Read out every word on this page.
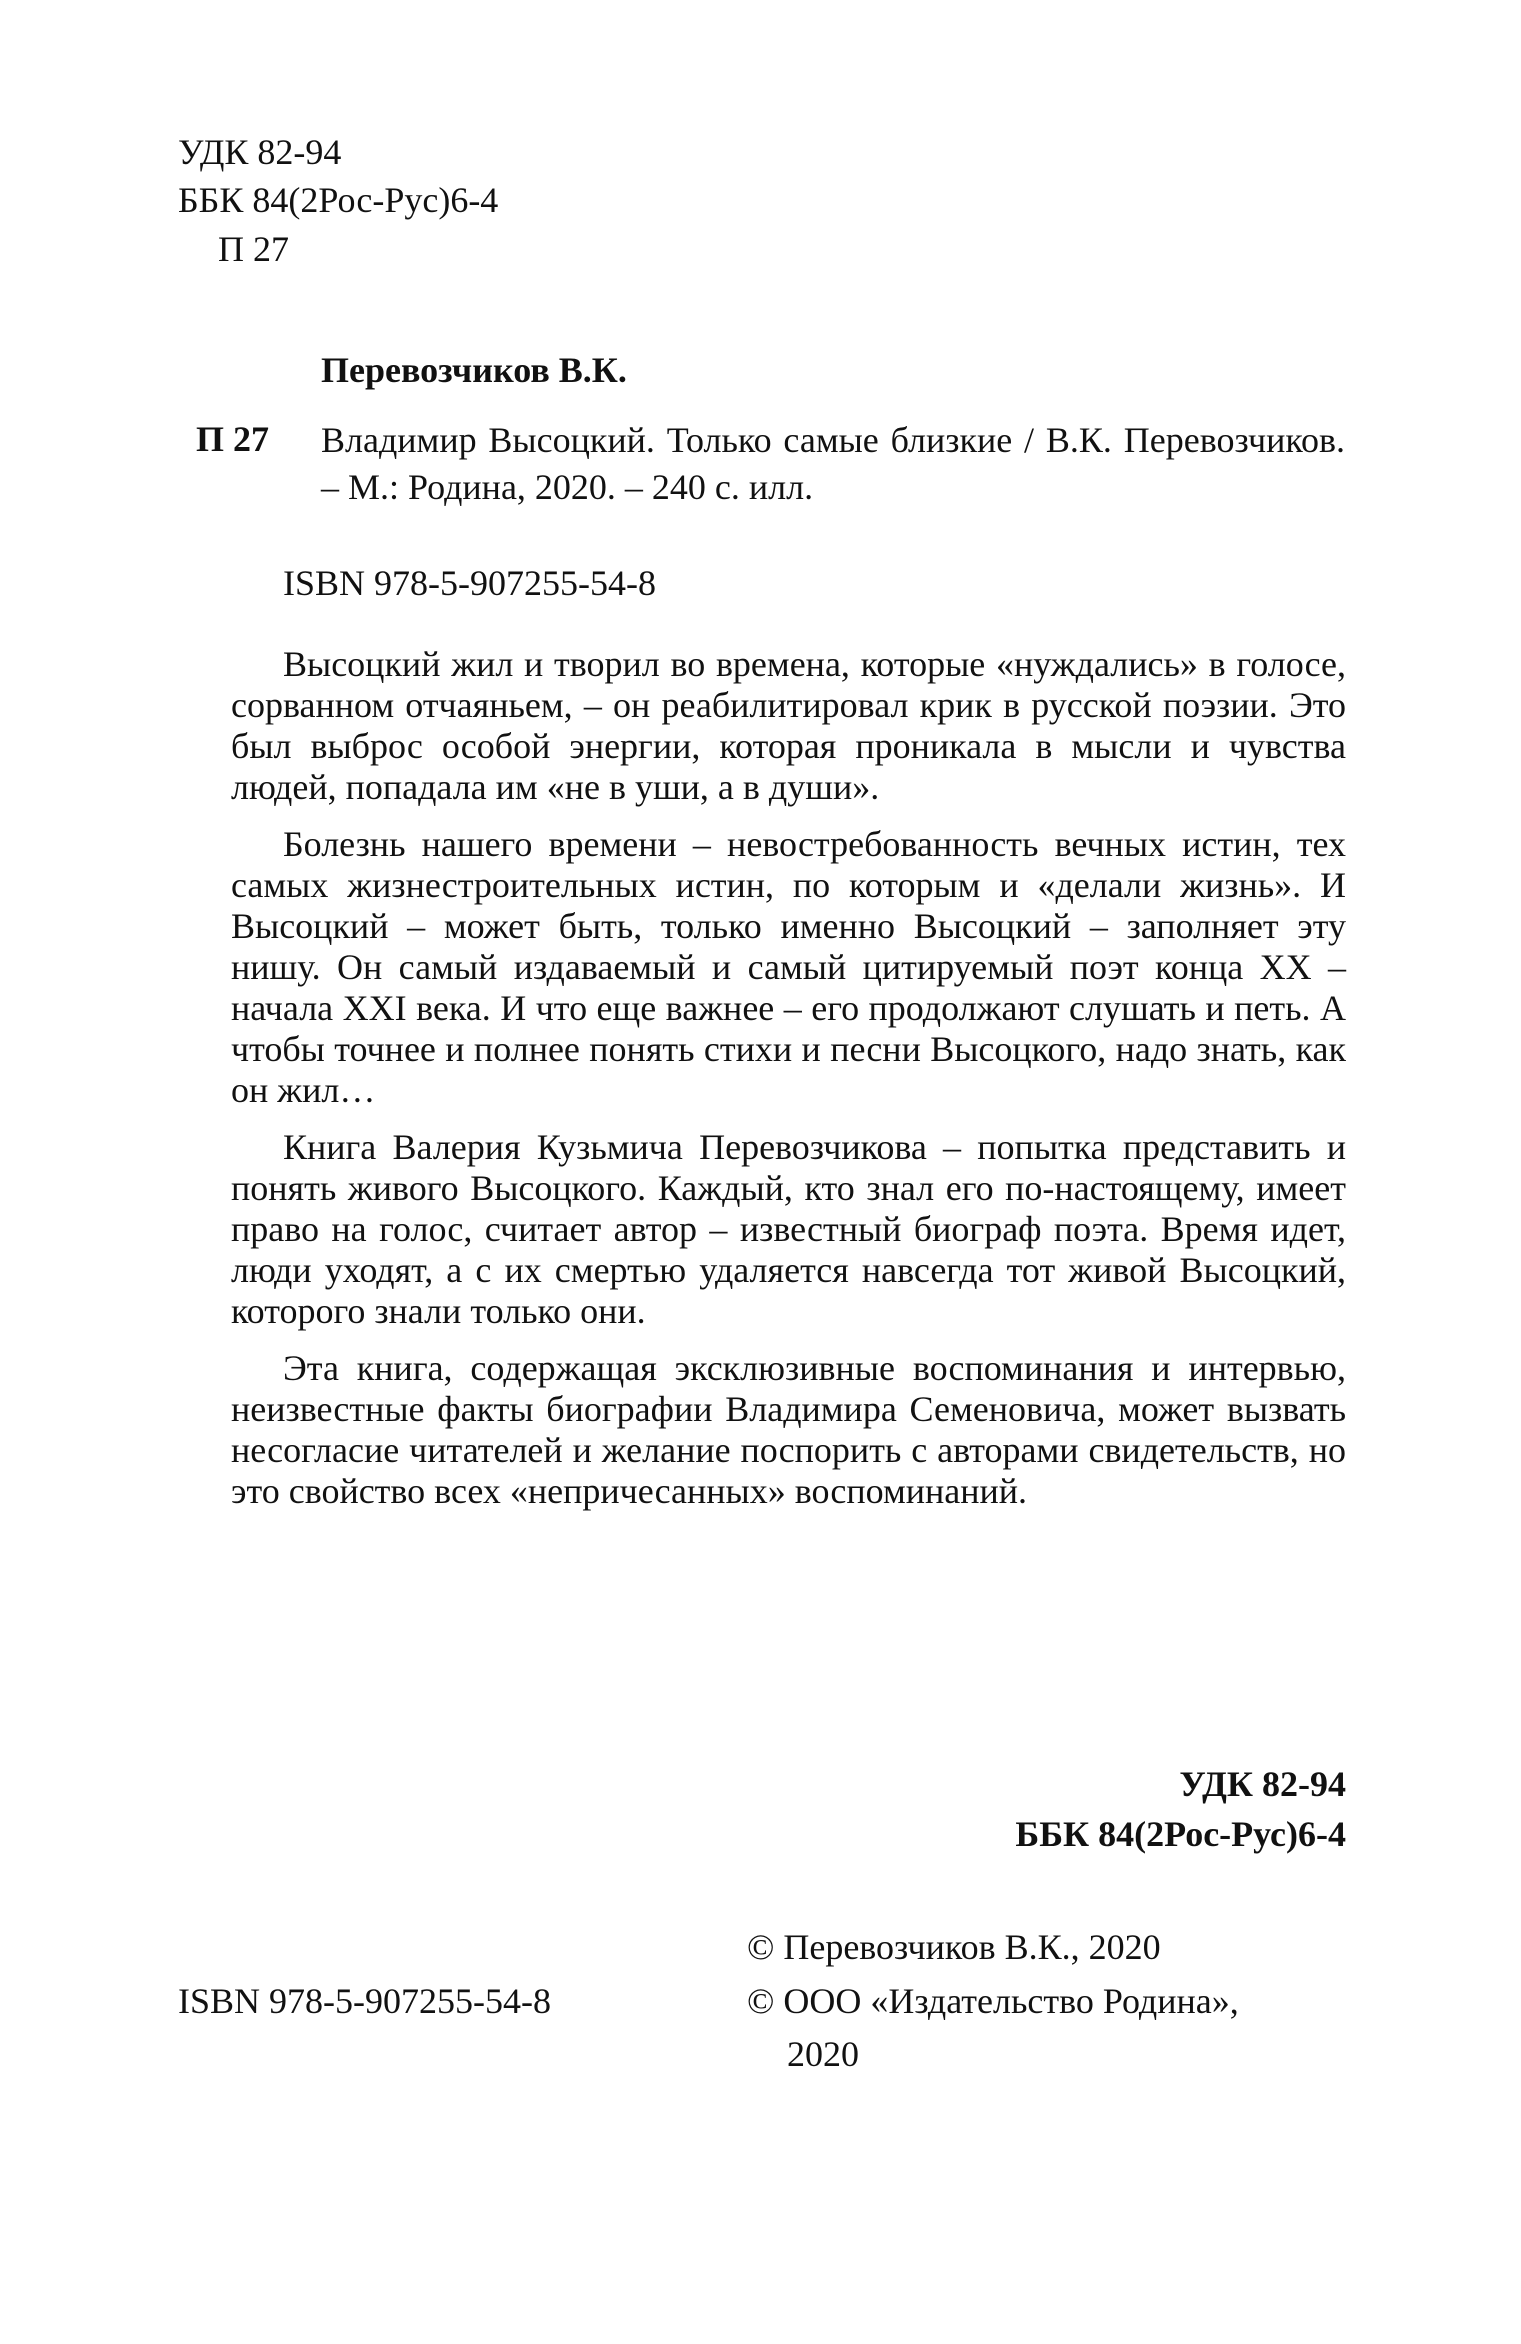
УДК 82-94
ББК 84(2Рос-Рус)6-4
П 27
Перевозчиков В.К.
П 27 Владимир Высоцкий. Только самые близкие / В.К. Перевозчиков. – М.: Родина, 2020. – 240 с. илл.
ISBN 978-5-907255-54-8

Высоцкий жил и творил во времена, которые «нуждались» в голосе, сорванном отчаяньем, – он реабилитировал крик в русской поэзии. Это был выброс особой энергии, которая проникала в мысли и чувства людей, попадала им «не в уши, а в души».

Болезнь нашего времени – невостребованность вечных истин, тех самых жизнестроительных истин, по которым и «делали жизнь». И Высоцкий – может быть, только именно Высоцкий – заполняет эту нишу. Он самый издаваемый и самый цитируемый поэт конца XX – начала XXI века. И что еще важнее – его продолжают слушать и петь. А чтобы точнее и полнее понять стихи и песни Высоцкого, надо знать, как он жил…

Книга Валерия Кузьмича Перевозчикова – попытка представить и понять живого Высоцкого. Каждый, кто знал его по-настоящему, имеет право на голос, считает автор – известный биограф поэта. Время идет, люди уходят, а с их смертью удаляется навсегда тот живой Высоцкий, которого знали только они.

Эта книга, содержащая эксклюзивные воспоминания и интервью, неизвестные факты биографии Владимира Семеновича, может вызвать несогласие читателей и желание поспорить с авторами свидетельств, но это свойство всех «непричесанных» воспоминаний.

УДК 82-94
ББК 84(2Рос-Рус)6-4
ISBN 978-5-907255-54-8
© Перевозчиков В.К., 2020
© ООО «Издательство Родина»,
2020
